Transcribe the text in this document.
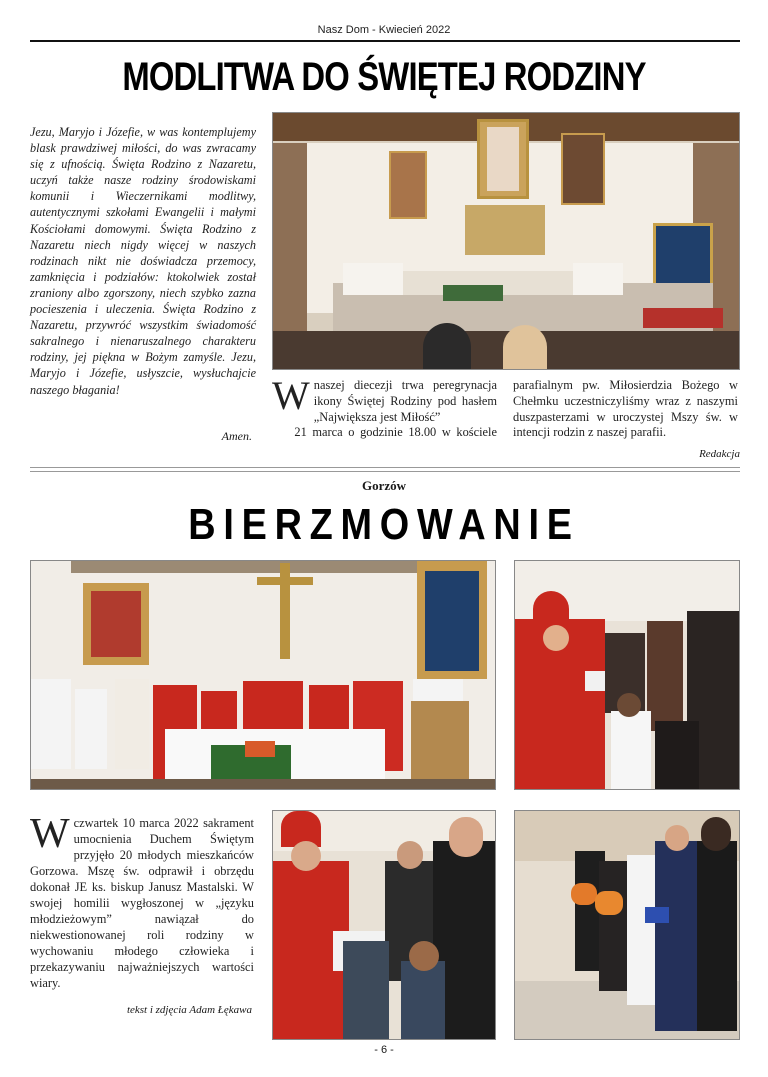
Nasz Dom - Kwiecień 2022
MODLITWA DO ŚWIĘTEJ RODZINY
Jezu, Maryjo i Józefie, w was kontemplujemy blask prawdziwej miłości, do was zwracamy się z ufnością. Święta Rodzino z Nazaretu, uczyń także nasze rodziny środowiskami komunii i Wieczernikami modlitwy, autentycznymi szkołami Ewangelii i małymi Kościołami domowymi. Święta Rodzino z Nazaretu niech nigdy więcej w naszych rodzinach nikt nie doświadcza przemocy, zamknięcia i podziałów: ktokolwiek został zraniony albo zgorszony, niech szybko zazna pocieszenia i uleczenia. Święta Rodzino z Nazaretu, przywróć wszystkim świadomość sakralnego i nienaruszalnego charakteru rodziny, jej piękna w Bożym zamyśle. Jezu, Maryjo i Józefie, usłyszcie, wysłuchajcie naszego błagania!
Amen.
W naszej diecezji trwa peregrynacja ikony Świętej Rodziny pod hasłem „Największa jest Miłość”
21 marca o godzinie 18.00 w kościele parafialnym pw. Miłosierdzia Bożego w Chełmku uczestniczyliśmy wraz z naszymi duszpasterzami w uroczystej Mszy św. w intencji rodzin z naszej parafii.
Redakcja
Gorzów
BIERZMOWANIE
W czwartek 10 marca 2022 sakrament umocnienia Duchem Świętym przyjęło 20 młodych mieszkańców Gorzowa. Mszę św. odprawił i obrzędu dokonał JE ks. biskup Janusz Mastalski. W swojej homilii wygłoszonej w „języku młodzieżowym” nawiązał do niekwestionowanej roli rodziny w wychowaniu młodego człowieka i przekazywaniu najważniejszych wartości wiary.
tekst i zdjęcia Adam Łękawa
- 6 -
